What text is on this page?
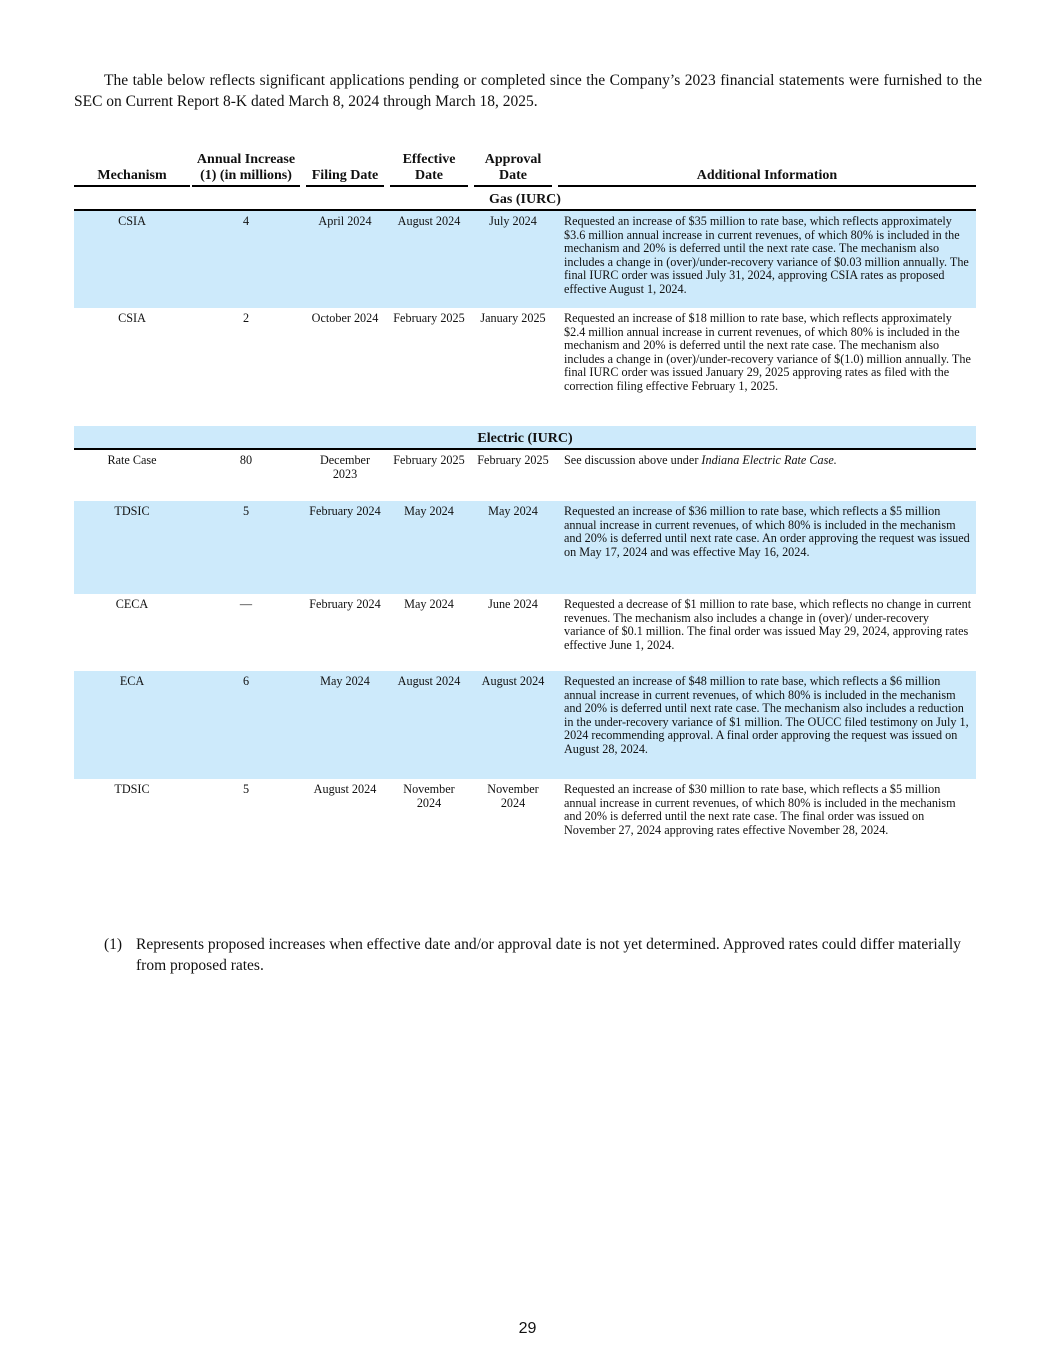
The table below reflects significant applications pending or completed since the Company’s 2023 financial statements were furnished to the SEC on Current Report 8-K dated March 8, 2024 through March 18, 2025.

Mechanism		Annual Increase (1) (in millions)		Filing Date		Effective Date		Approval Date		Additional Information
Gas (IURC)										
CSIA		4		April 2024		August 2024		July 2024		Requested an increase of $35 million to rate base, which reflects approximately $3.6 million annual increase in current revenues, of which 80% is included in the mechanism and 20% is deferred until the next rate case. The mechanism also includes a change in (over)/under-recovery variance of $0.03 million annually. The final IURC order was issued July 31, 2024, approving CSIA rates as proposed effective August 1, 2024.
CSIA		2		October 2024		February 2025		January 2025		Requested an increase of $18 million to rate base, which reflects approximately $2.4 million annual increase in current revenues, of which 80% is included in the mechanism and 20% is deferred until the next rate case. The mechanism also includes a change in (over)/under-recovery variance of $(1.0) million annually. The final IURC order was issued January 29, 2025 approving rates as filed with the correction filing effective February 1, 2025.
Electric (IURC)										
Rate Case		80		December 2023		February 2025		February 2025		See discussion above under Indiana Electric Rate Case.
TDSIC		5		February 2024		May 2024		May 2024		Requested an increase of $36 million to rate base, which reflects a $5 million annual increase in current revenues, of which 80% is included in the mechanism and 20% is deferred until next rate case. An order approving the request was issued on May 17, 2024 and was effective May 16, 2024.
CECA		—		February 2024		May 2024		June 2024		Requested a decrease of $1 million to rate base, which reflects no change in current revenues. The mechanism also includes a change in (over)/ under-recovery variance of $0.1 million. The final order was issued May 29, 2024, approving rates effective June 1, 2024.
ECA		6		May 2024		August 2024		August 2024		Requested an increase of $48 million to rate base, which reflects a $6 million annual increase in current revenues, of which 80% is included in the mechanism and 20% is deferred until next rate case. The mechanism also includes a reduction in the under-recovery variance of $1 million. The OUCC filed testimony on July 1, 2024 recommending approval. A final order approving the request was issued on August 28, 2024.
TDSIC		5		August 2024		November 2024		November 2024		Requested an increase of $30 million to rate base, which reflects a $5 million annual increase in current revenues, of which 80% is included in the mechanism and 20% is deferred until the next rate case. The final order was issued on November 27, 2024 approving rates effective November 28, 2024.
(1) Represents proposed increases when effective date and/or approval date is not yet determined. Approved rates could differ materially from proposed rates.
29
